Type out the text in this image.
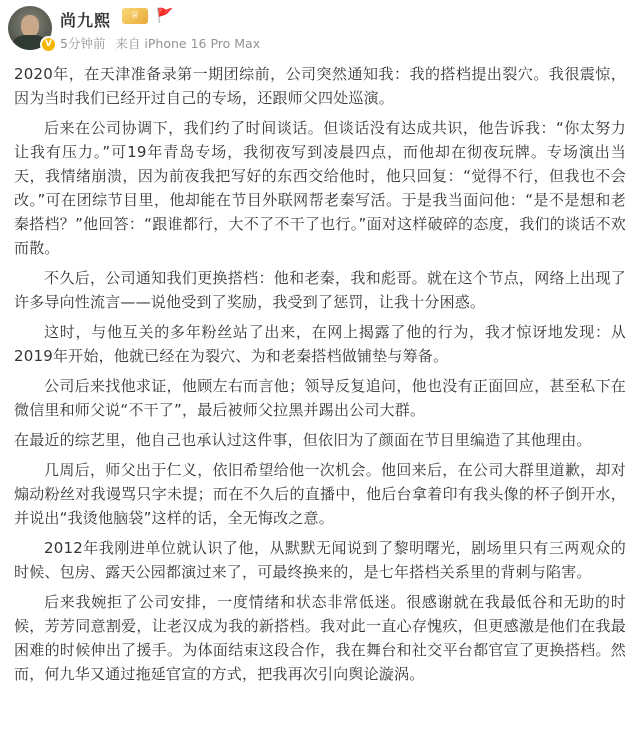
V
尚九熙	♕	🚩
5分钟前 来自 iPhone 16 Pro Max

2020年，在天津准备录第一期团综前，公司突然通知我：我的搭档提出裂穴。我很震惊，因为当时我们已经开过自己的专场，还跟师父四处巡演。

后来在公司协调下，我们约了时间谈话。但谈话没有达成共识，他告诉我：“你太努力让我有压力。”可19年青岛专场，我彻夜写到凌晨四点，而他却在彻夜玩牌。专场演出当天，我情绪崩溃，因为前夜我把写好的东西交给他时，他只回复：“觉得不行，但我也不会改。”可在团综节目里，他却能在节目外联网帮老秦写活。于是我当面问他：“是不是想和老秦搭档？”他回答：“跟谁都行，大不了不干了也行。”面对这样破碎的态度，我们的谈话不欢而散。

不久后，公司通知我们更换搭档：他和老秦，我和彪哥。就在这个节点，网络上出现了许多导向性流言——说他受到了奖励，我受到了惩罚，让我十分困惑。

这时，与他互关的多年粉丝站了出来，在网上揭露了他的行为，我才惊讶地发现：从2019年开始，他就已经在为裂穴、为和老秦搭档做铺垫与筹备。

公司后来找他求证，他顾左右而言他；领导反复追问，他也没有正面回应，甚至私下在微信里和师父说“不干了”，最后被师父拉黑并踢出公司大群。

在最近的综艺里，他自己也承认过这件事，但依旧为了颜面在节目里编造了其他理由。

几周后，师父出于仁义，依旧希望给他一次机会。他回来后，在公司大群里道歉，却对煽动粉丝对我谩骂只字未提；而在不久后的直播中，他后台拿着印有我头像的杯子倒开水，并说出“我烫他脑袋”这样的话，全无悔改之意。

2012年我刚进单位就认识了他，从默默无闻说到了黎明曙光，剧场里只有三两观众的时候、包房、露天公园都演过来了，可最终换来的，是七年搭档关系里的背刺与陷害。

后来我婉拒了公司安排，一度情绪和状态非常低迷。很感谢就在我最低谷和无助的时候，芳芳同意割爱，让老汉成为我的新搭档。我对此一直心存愧疚，但更感激是他们在我最困难的时候伸出了援手。为体面结束这段合作，我在舞台和社交平台都官宣了更换搭档。然而，何九华又通过拖延官宣的方式，把我再次引向舆论漩涡。
